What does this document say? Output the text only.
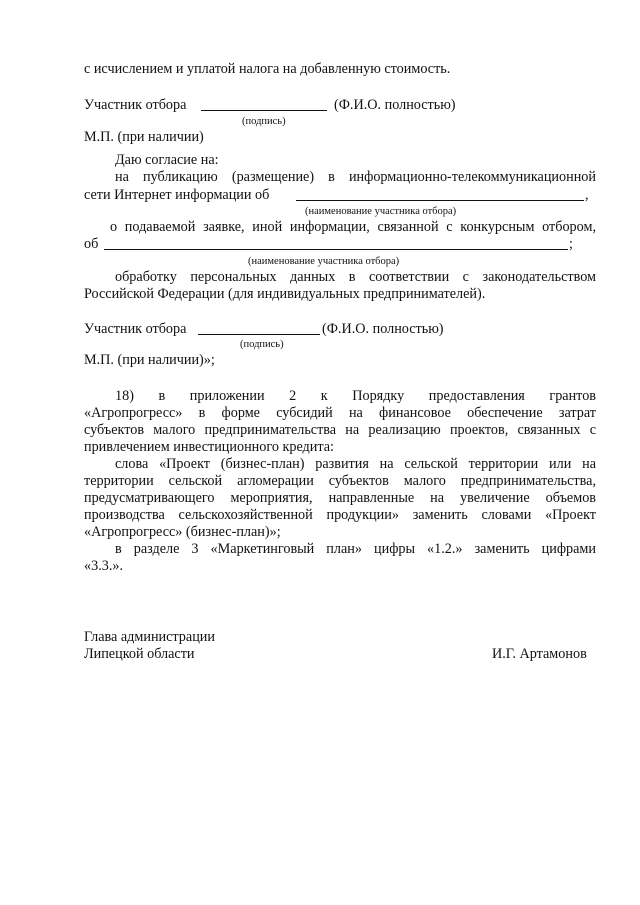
с исчислением и уплатой налога на добавленную стоимость.
Участник отбора	(Ф.И.О. полностью)
(подпись)
М.П. (при наличии)
Даю согласие на:
на публикацию (размещение) в информационно-телекоммуникационной
сети Интернет информации об	,
(наименование участника отбора)
о подаваемой заявке, иной информации, связанной с конкурсным отбором,
об	;
(наименование участника отбора)
обработку персональных данных в соответствии с законодательством
Российской Федерации (для индивидуальных предпринимателей).
Участник отбора	(Ф.И.О. полностью)
(подпись)
М.П. (при наличии)»;
18) в приложении 2 к Порядку предоставления грантов
«Агропрогресс» в форме субсидий на финансовое обеспечение затрат
субъектов малого предпринимательства на реализацию проектов, связанных с
привлечением инвестиционного кредита:
слова «Проект (бизнес-план) развития на сельской территории или на
территории сельской агломерации субъектов малого предпринимательства,
предусматривающего мероприятия, направленные на увеличение объемов
производства сельскохозяйственной продукции» заменить словами «Проект
«Агропрогресс» (бизнес-план)»;
в разделе 3 «Маркетинговый план» цифры «1.2.» заменить цифрами
«3.3.».
Глава администрации
Липецкой области	И.Г. Артамонов
